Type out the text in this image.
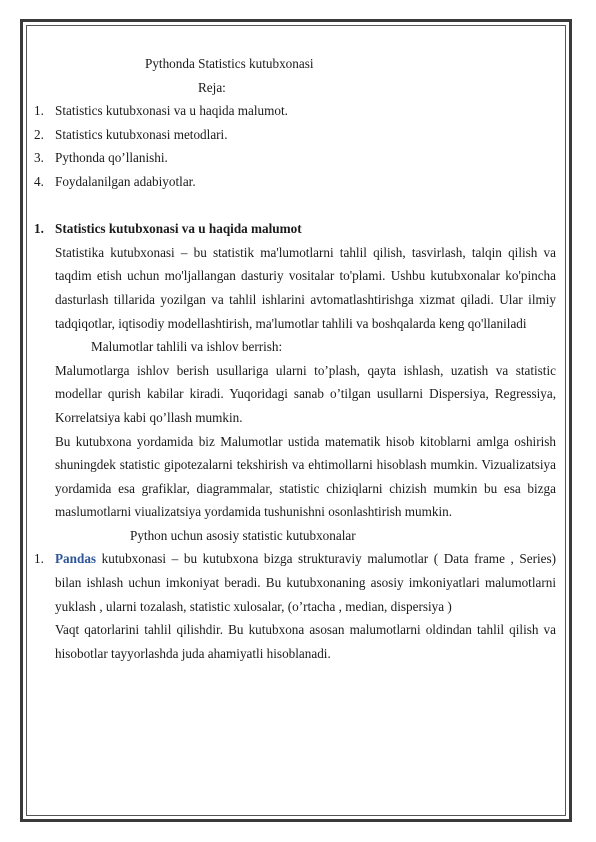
Pythonda Statistics kutubxonasi
Reja:
1. Statistics kutubxonasi va u haqida malumot.
2. Statistics kutubxonasi metodlari.
3. Pythonda qo’llanishi.
4. Foydalanilgan adabiyotlar.
1. Statistics kutubxonasi va u haqida malumot
Statistika kutubxonasi – bu statistik ma'lumotlarni tahlil qilish, tasvirlash, talqin qilish va taqdim etish uchun mo'ljallangan dasturiy vositalar to'plami. Ushbu kutubxonalar ko'pincha dasturlash tillarida yozilgan va tahlil ishlarini avtomatlashtirishga xizmat qiladi. Ular ilmiy tadqiqotlar, iqtisodiy modellashtirish, ma'lumotlar tahlili va boshqalarda keng qo'llaniladi
Malumotlar tahlili va ishlov berrish:
Malumotlarga ishlov berish usullariga ularni to’plash, qayta ishlash, uzatish va statistic modellar qurish kabilar kiradi. Yuqoridagi sanab o’tilgan usullarni Dispersiya, Regressiya, Korrelatsiya kabi qo’llash mumkin.
Bu kutubxona yordamida biz Malumotlar ustida matematik hisob kitoblarni amlga oshirish shuningdek statistic gipotezalarni tekshirish va ehtimollarni hisoblash mumkin. Vizualizatsiya yordamida esa grafiklar, diagrammalar, statistic chiziqlarni chizish mumkin bu esa bizga maslumotlarni viualizatsiya yordamida tushunishni osonlashtirish mumkin.
Python uchun asosiy statistic kutubxonalar
1. Pandas kutubxonasi – bu kutubxona bizga strukturaviy malumotlar ( Data frame , Series) bilan ishlash uchun imkoniyat beradi. Bu kutubxonaning asosiy imkoniyatlari malumotlarni yuklash , ularni tozalash, statistic xulosalar, (o’rtacha , median, dispersiya )
Vaqt qatorlarini tahlil qilishdir. Bu kutubxona asosan malumotlarni oldindan tahlil qilish va hisobotlar tayyorlashda juda ahamiyatli hisoblanadi.
